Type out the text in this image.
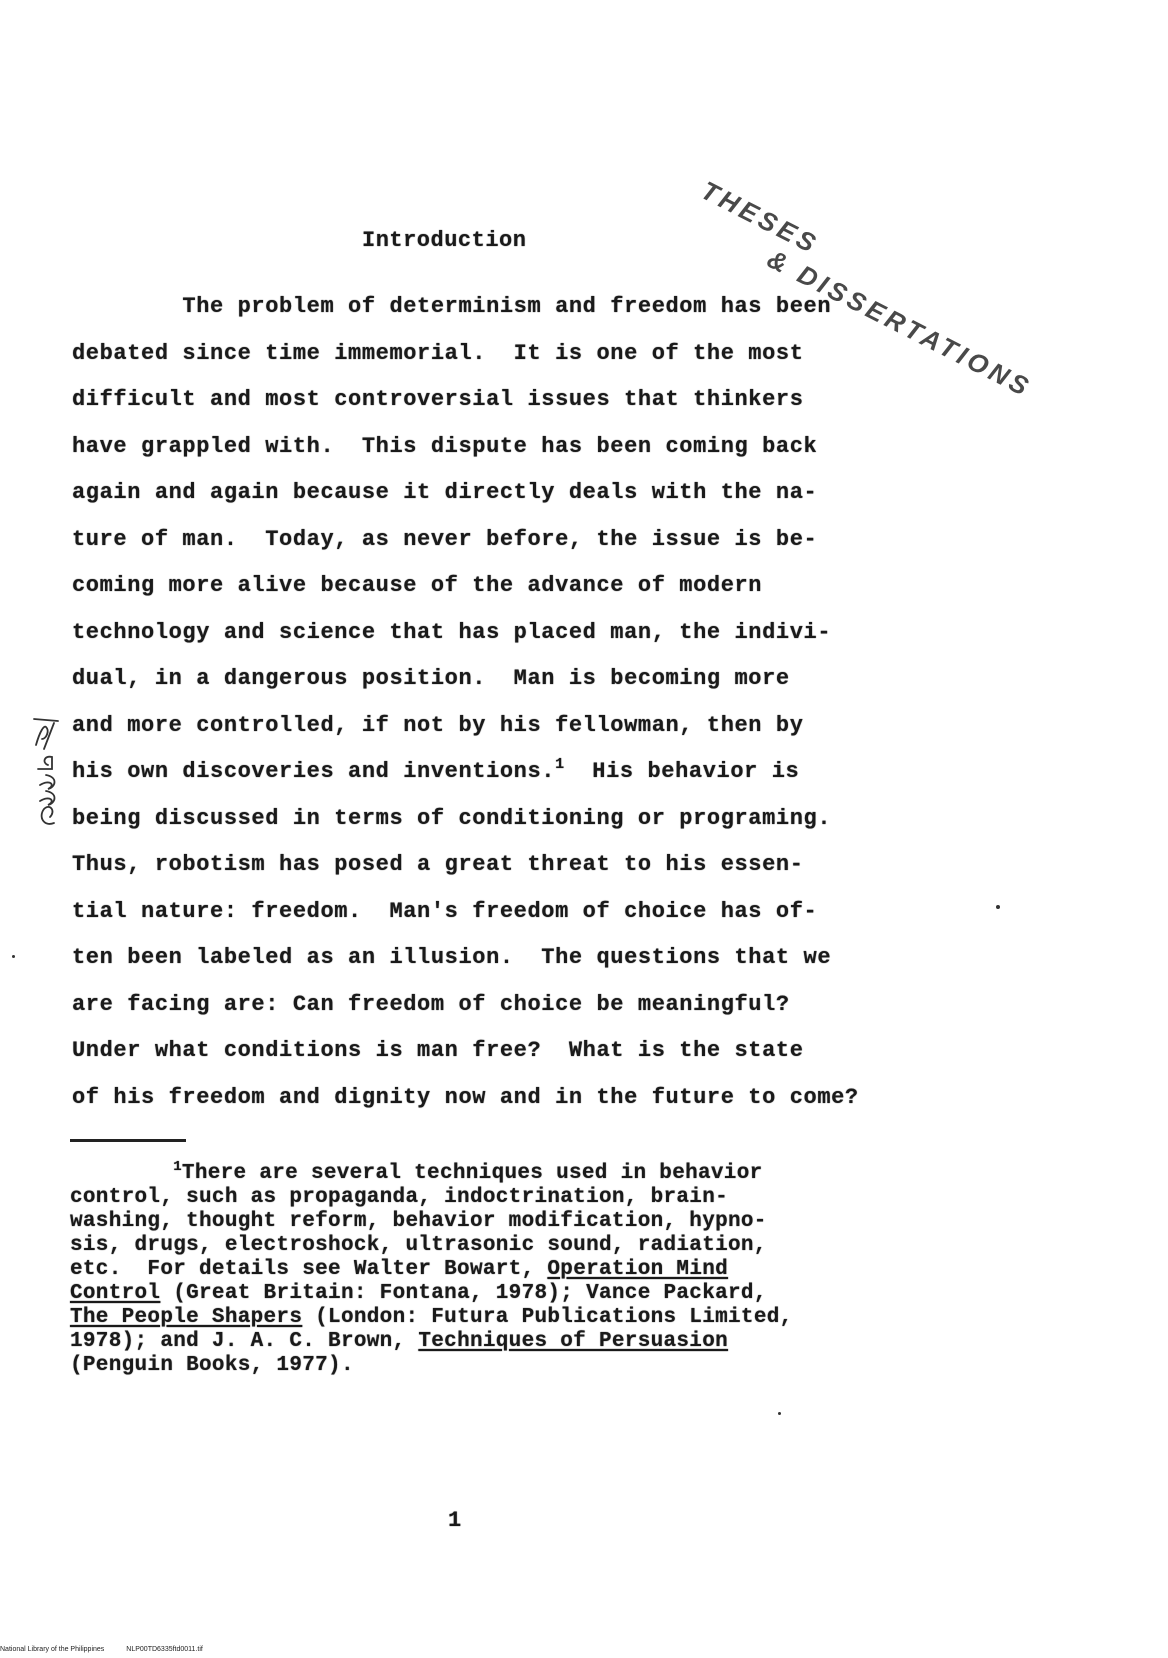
THESES
& DISSERTATIONS
Introduction
The problem of determinism and freedom has been
debated since time immemorial.  It is one of the most
difficult and most controversial issues that thinkers
have grappled with.  This dispute has been coming back
again and again because it directly deals with the na-
ture of man.  Today, as never before, the issue is be-
coming more alive because of the advance of modern
technology and science that has placed man, the indivi-
dual, in a dangerous position.  Man is becoming more
and more controlled, if not by his fellowman, then by
his own discoveries and inventions.$^1$  His behavior is
being discussed in terms of conditioning or programing.
Thus, robotism has posed a great threat to his essen-
tial nature: freedom.  Man's freedom of choice has of-
ten been labeled as an illusion.  The questions that we
are facing are: Can freedom of choice be meaningful?
Under what conditions is man free?  What is the state
of his freedom and dignity now and in the future to come?
$^1$There are several techniques used in behavior
control, such as propaganda, indoctrination, brain-
washing, thought reform, behavior modification, hypno-
sis, drugs, electroshock, ultrasonic sound, radiation,
etc.  For details see Walter Bowart, Operation Mind
Control (Great Britain: Fontana, 1978); Vance Packard,
The People Shapers (London: Futura Publications Limited,
1978); and J. A. C. Brown, Techniques of Persuasion
(Penguin Books, 1977).
1
National Library of the Philippines	NLP00TD6335ftd0011.tif
